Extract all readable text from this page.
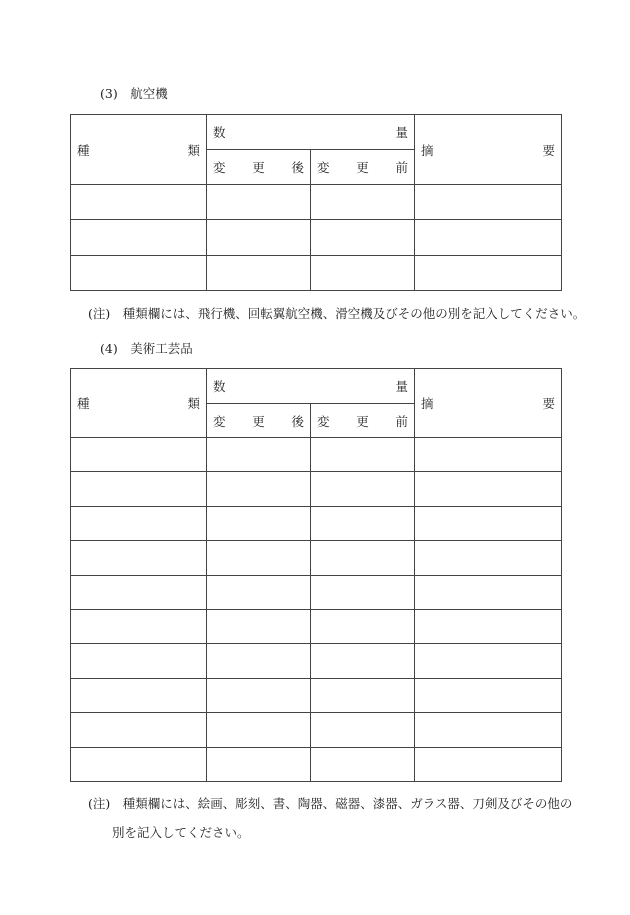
(3)　航空機
種　類	数　量		摘　要
	変　更　後	変　更　前	

(注)　種類欄には、飛行機、回転翼航空機、滑空機及びその他の別を記入してください。
(4)　美術工芸品
種　類	数　量		摘　要
	変　更　後	変　更　前	

(注)　種類欄には、絵画、彫刻、書、陶器、磁器、漆器、ガラス器、刀剣及びその他の
別を記入してください。
